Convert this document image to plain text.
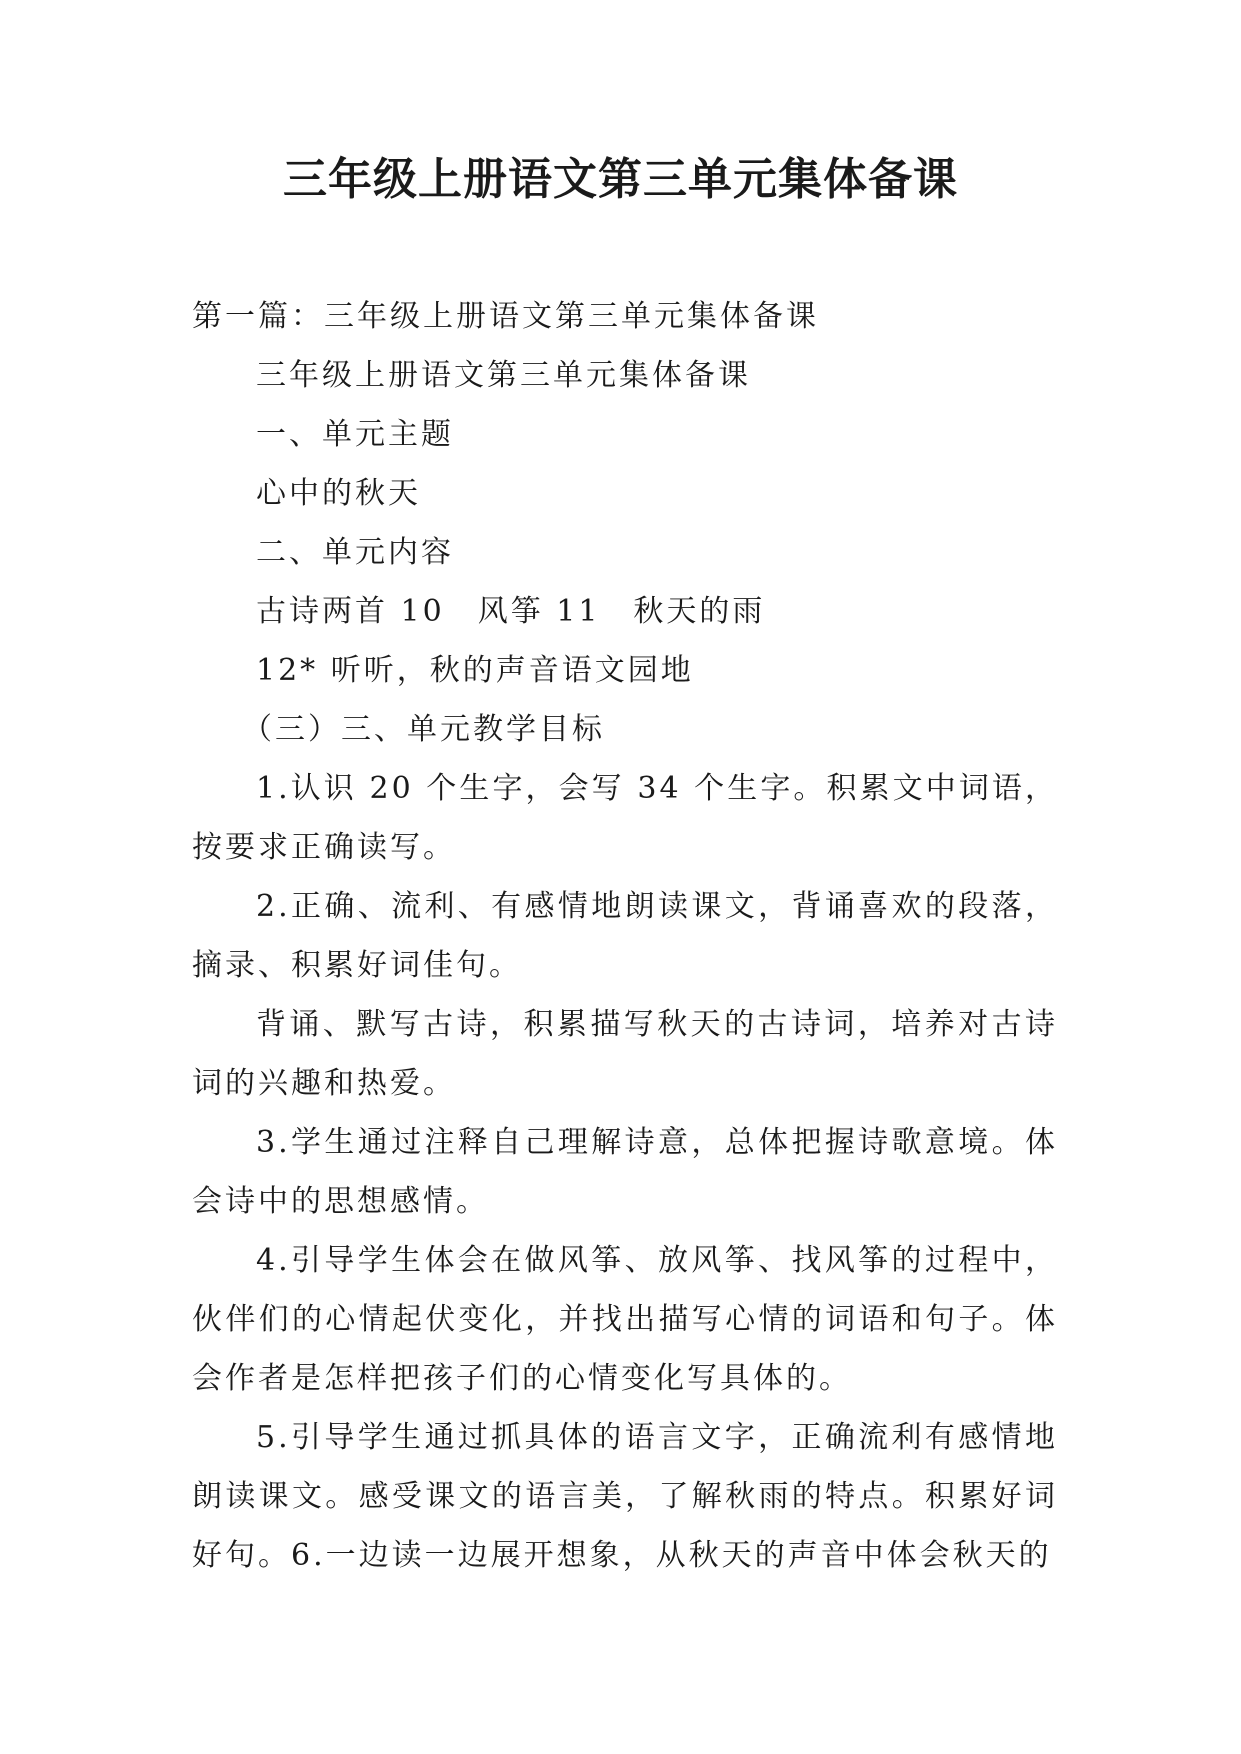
三年级上册语文第三单元集体备课

第一篇：三年级上册语文第三单元集体备课

三年级上册语文第三单元集体备课

一、单元主题

心中的秋天

二、单元内容

古诗两首 10　风筝 11　秋天的雨

12* 听听，秋的声音语文园地

（三）三、单元教学目标

1.认识 20 个生字，会写 34 个生字。积累文中词语，按要求正确读写。

2.正确、流利、有感情地朗读课文，背诵喜欢的段落，摘录、积累好词佳句。

背诵、默写古诗，积累描写秋天的古诗词，培养对古诗词的兴趣和热爱。

3.学生通过注释自己理解诗意，总体把握诗歌意境。体会诗中的思想感情。

4.引导学生体会在做风筝、放风筝、找风筝的过程中，伙伴们的心情起伏变化，并找出描写心情的词语和句子。体会作者是怎样把孩子们的心情变化写具体的。

5.引导学生通过抓具体的语言文字，正确流利有感情地朗读课文。感受课文的语言美，了解秋雨的特点。积累好词好句。6.一边读一边展开想象，从秋天的声音中体会秋天的
